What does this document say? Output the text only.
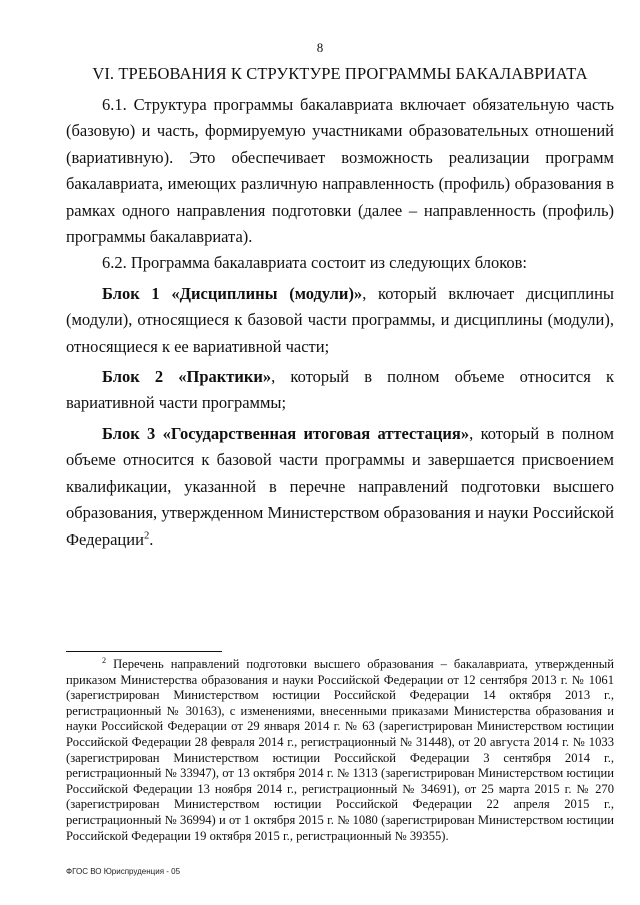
8
VI. ТРЕБОВАНИЯ К СТРУКТУРЕ ПРОГРАММЫ БАКАЛАВРИАТА

6.1. Структура программы бакалавриата включает обязательную часть (базовую) и часть, формируемую участниками образовательных отношений (вариативную). Это обеспечивает возможность реализации программ бакалавриата, имеющих различную направленность (профиль) образования в рамках одного направления подготовки (далее – направленность (профиль) программы бакалавриата).

6.2. Программа бакалавриата состоит из следующих блоков:

Блок 1 «Дисциплины (модули)», который включает дисциплины (модули), относящиеся к базовой части программы, и дисциплины (модули), относящиеся к ее вариативной части;

Блок 2 «Практики», который в полном объеме относится к вариативной части программы;

Блок 3 «Государственная итоговая аттестация», который в полном объеме относится к базовой части программы и завершается присвоением квалификации, указанной в перечне направлений подготовки высшего образования, утвержденном Министерством образования и науки Российской Федерации$^2$.

$^2$ Перечень направлений подготовки высшего образования – бакалавриата, утвержденный приказом Министерства образования и науки Российской Федерации от 12 сентября 2013 г. № 1061 (зарегистрирован Министерством юстиции Российской Федерации 14 октября 2013 г., регистрационный № 30163), с изменениями, внесенными приказами Министерства образования и науки Российской Федерации от 29 января 2014 г. № 63 (зарегистрирован Министерством юстиции Российской Федерации 28 февраля 2014 г., регистрационный № 31448), от 20 августа 2014 г. № 1033 (зарегистрирован Министерством юстиции Российской Федерации 3 сентября 2014 г., регистрационный № 33947), от 13 октября 2014 г. № 1313 (зарегистрирован Министерством юстиции Российской Федерации 13 ноября 2014 г., регистрационный № 34691), от 25 марта 2015 г. № 270 (зарегистрирован Министерством юстиции Российской Федерации 22 апреля 2015 г., регистрационный № 36994) и от 1 октября 2015 г. № 1080 (зарегистрирован Министерством юстиции Российской Федерации 19 октября 2015 г., регистрационный № 39355).

ФГОС ВО Юриспруденция - 05
